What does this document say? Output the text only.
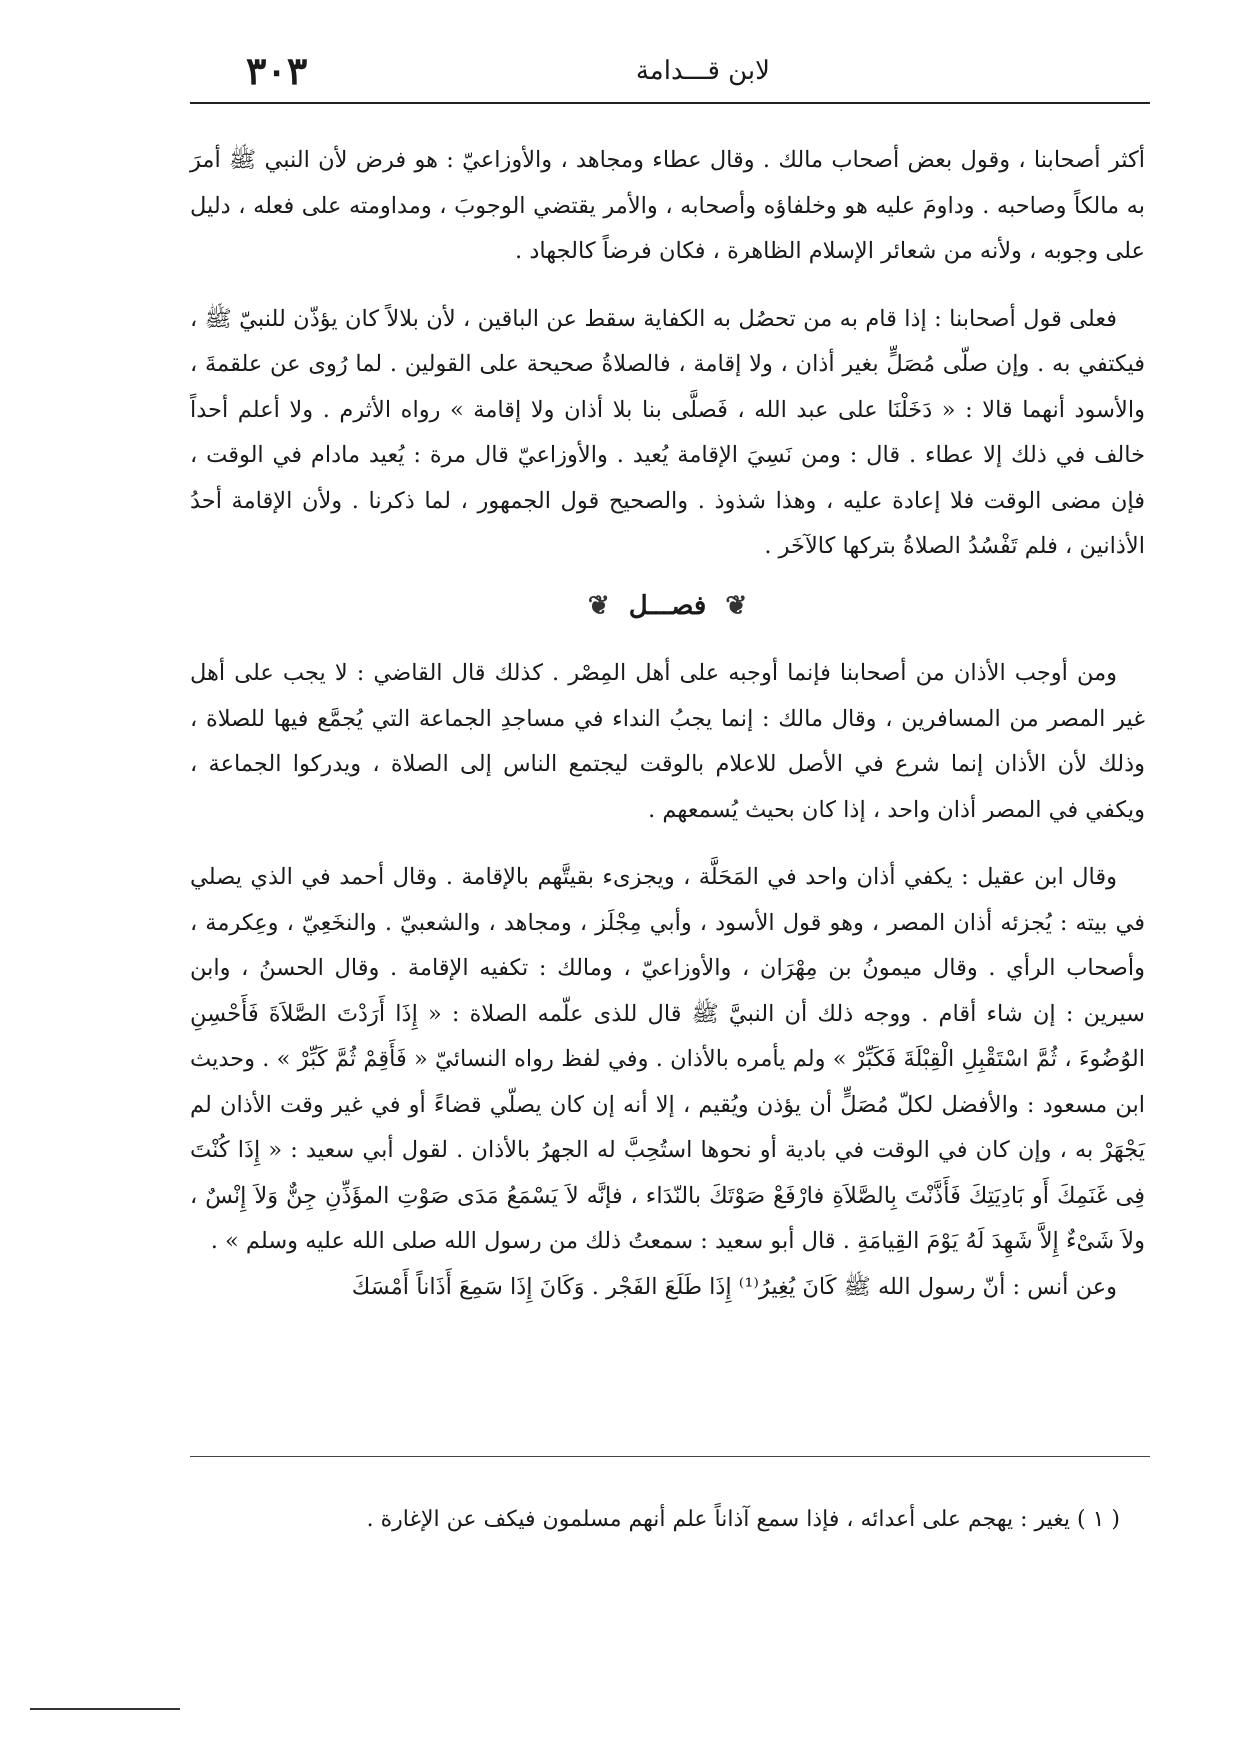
لابن قـــدامة
٣٠٣

أكثر أصحابنا ، وقول بعض أصحاب مالك . وقال عطاء ومجاهد ، والأوزاعيّ : هو فرض لأن النبي ﷺ أمرَ به مالكاً وصاحبه . وداومَ عليه هو وخلفاؤه وأصحابه ، والأمر يقتضي الوجوبَ ، ومداومته على فعله ، دليل على وجوبه ، ولأنه من شعائر الإسلام الظاهرة ، فكان فرضاً كالجهاد .

فعلى قول أصحابنا : إذا قام به من تحصُل به الكفاية سقط عن الباقين ، لأن بلالاً كان يؤذّن للنبيّ ﷺ ، فيكتفي به . وإن صلّى مُصَلٍّ بغير أذان ، ولا إقامة ، فالصلاةُ صحيحة على القولين . لما رُوى عن علقمةَ ، والأسود أنهما قالا : « دَخَلْنَا على عبد الله ، فَصلَّى بنا بلا أذان ولا إقامة » رواه الأثرم . ولا أعلم أحداً خالف في ذلك إلا عطاء . قال : ومن نَسِيَ الإقامة يُعيد . والأوزاعيّ قال مرة : يُعيد مادام في الوقت ، فإن مضى الوقت فلا إعادة عليه ، وهذا شذوذ . والصحيح قول الجمهور ، لما ذكرنا . ولأن الإقامة أحدُ الأذانين ، فلم تَفْسُدُ الصلاةُ بتركها كالآخَر .

❦ فصـــل ❦

ومن أوجب الأذان من أصحابنا فإنما أوجبه على أهل المِصْر . كذلك قال القاضي : لا يجب على أهل غير المصر من المسافرين ، وقال مالك : إنما يجبُ النداء في مساجدِ الجماعة التي يُجمَّع فيها للصلاة ، وذلك لأن الأذان إنما شرع في الأصل للاعلام بالوقت ليجتمع الناس إلى الصلاة ، ويدركوا الجماعة ، ويكفي في المصر أذان واحد ، إذا كان بحيث يُسمعهم .

وقال ابن عقيل : يكفي أذان واحد في المَحَلَّة ، ويجزىء بقيتَّهم بالإقامة . وقال أحمد في الذي يصلي في بيته : يُجزئه أذان المصر ، وهو قول الأسود ، وأبي مِجْلَز ، ومجاهد ، والشعبيّ . والنخَعِيّ ، وعِكرمة ، وأصحاب الرأي . وقال ميمونُ بن مِهْرَان ، والأوزاعيّ ، ومالك : تكفيه الإقامة . وقال الحسنُ ، وابن سيرين : إن شاء أقام . ووجه ذلك أن النبيَّ ﷺ قال للذى علّمه الصلاة : « إِذَا أَرَدْتَ الصَّلاَةَ فَأَحْسِنِ الوُضُوءَ ، ثُمَّ اسْتَقْبِلِ الْقِبْلَةَ فَكَبِّرْ » ولم يأمره بالأذان . وفي لفظ رواه النسائيّ « فَأَقِمْ ثُمَّ كَبِّرْ » . وحديث ابن مسعود : والأفضل لكلّ مُصَلٍّ أن يؤذن ويُقيم ، إلا أنه إن كان يصلّي قضاءً أو في غير وقت الأذان لم يَجْهَرْ به ، وإن كان في الوقت في بادية أو نحوها استُحِبَّ له الجهرُ بالأذان . لقول أبي سعيد : « إِذَا كُنْتَ فِى غَنَمِكَ أَو بَادِيَتِكَ فَأَذَّنْتَ بِالصَّلاَةِ فارْفَعْ صَوْتَكَ بالنّدَاء ، فإنَّه لاَ يَسْمَعُ مَدَى صَوْتِ المؤَذِّنِ جِنٌّ وَلاَ إِنْسٌ ، ولاَ شَىْءٌ إِلاَّ شَهِدَ لَهُ يَوْمَ القِيامَةِ . قال أبو سعيد : سمعتُ ذلك من رسول الله صلى الله عليه وسلم » .

وعن أنس : أنّ رسول الله ﷺ كَانَ يُغِيرُ⁽¹⁾ إِذَا طَلَعَ الفَجْر . وَكَانَ إِذَا سَمِعَ أَذَاناً أَمْسَكَ

( ١ ) يغير : يهجم على أعدائه ، فإذا سمع آذاناً علم أنهم مسلمون فيكف عن الإغارة .
